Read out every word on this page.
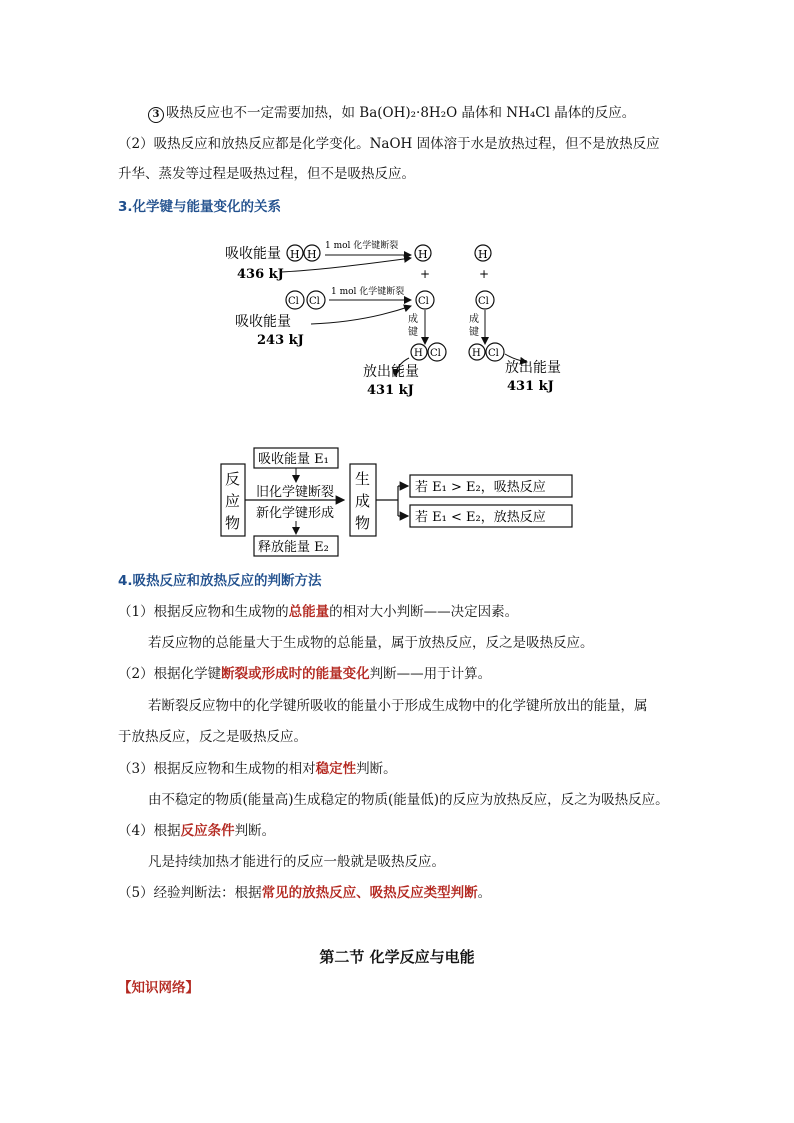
3 吸热反应也不一定需要加热，如 Ba(OH)₂·8H₂O 晶体和 NH₄Cl 晶体的反应。
（2）吸热反应和放热反应都是化学变化。NaOH 固体溶于水是放热过程，但不是放热反应
升华、蒸发等过程是吸热过程，但不是吸热反应。
3.化学键与能量变化的关系
吸收能量
436 kJ
H H
1 mol 化学键断裂
H
+
H
+
Cl Cl
1 mol 化学键断裂
吸收能量
243 kJ
Cl	Cl
成
键
成
键
H Cl	H Cl
放出能量
431 kJ
放出能量
431 kJ
反
应
物
吸收能量 E₁
旧化学键断裂
新化学键形成
释放能量 E₂
生
成
物
若 E₁ > E₂，吸热反应
若 E₁ < E₂，放热反应
4.吸热反应和放热反应的判断方法
（1）根据反应物和生成物的总能量的相对大小判断——决定因素。
若反应物的总能量大于生成物的总能量，属于放热反应，反之是吸热反应。
（2）根据化学键断裂或形成时的能量变化判断——用于计算。
若断裂反应物中的化学键所吸收的能量小于形成生成物中的化学键所放出的能量，属
于放热反应，反之是吸热反应。
（3）根据反应物和生成物的相对稳定性判断。
由不稳定的物质(能量高)生成稳定的物质(能量低)的反应为放热反应，反之为吸热反应。
（4）根据反应条件判断。
凡是持续加热才能进行的反应一般就是吸热反应。
（5）经验判断法：根据常见的放热反应、吸热反应类型判断。
第二节 化学反应与电能
【知识网络】
